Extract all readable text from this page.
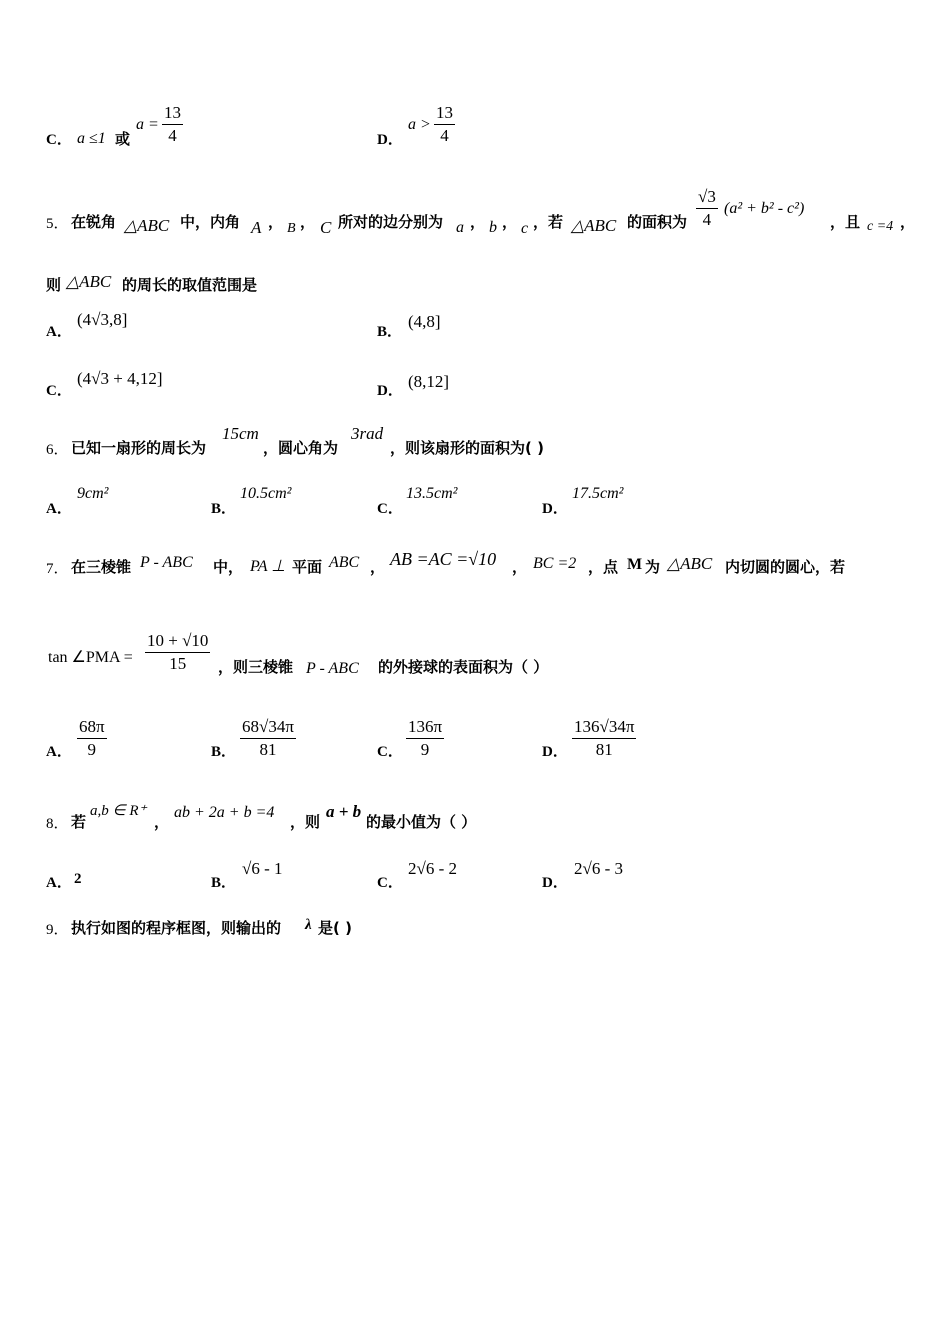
C． a ≤1 或
$a = \frac{13}{4}$	D．
$a > \frac{13}{4}$
5． 在锐角 △ABC 中，内角 A ， B ， C 所对的边分别为 a ， b ， c ，若 △ABC 的面积为 $\frac{√3}{4} (a^2 + b^2 - c^2)$
，且 c =4 ，
则 △ABC 的周长的取值范围是
A．
(4√3,8]
B．
(4,8]
C．
(4√3 + 4,12]
D． (8,12]
6． 已知一扇形的周长为
15cm
，圆心角为
3rad
，则该扇形的面积为( )
A．
9cm²
B．
10.5cm²
C．
13.5cm²
D．
17.5cm²
7． 在三棱锥 P - ABC 中， PA ⊥ 平面 ABC ， AB =AC =√10 ， BC =2 ，点 M 为 △ABC 内切圆的圆心，若
tan ∠PMA = $\frac{10 + √10}{15}$ ，则三棱锥 P - ABC 的外接球的表面积为（ ）
A． $\frac{68\pi}{9}$	B． $\frac{68√34\pi}{81}$	C． $\frac{136\pi}{9}$	D． $\frac{136√34\pi}{81}$
8． 若
a,b ∈ R⁺
，
ab + 2a + b =4
，则
a + b
的最小值为（ ）
A． 2	B．
√6 - 1
C．
2√6 - 2
D．
2√6 - 3
9． 执行如图的程序框图，则输出的 λ 是( )
